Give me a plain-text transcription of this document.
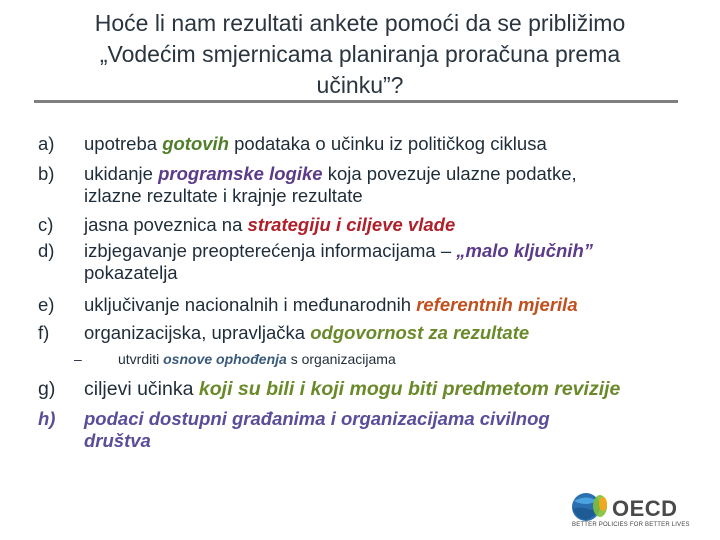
Hoće li nam rezultati ankete pomoći da se približimo
„Vodećim smjernicama planiranja proračuna prema
učinku”?
a)	upotreba gotovih podataka o učinku iz političkog ciklusa
b)	ukidanje programske logike koja povezuje ulazne podatke,
izlazne rezultate i krajnje rezultate
c)	jasna poveznica na strategiju i ciljeve vlade
d)	izbjegavanje preopterećenja informacijama – „malo ključnih”
pokazatelja
e)	uključivanje nacionalnih i međunarodnih referentnih mjerila
f)	organizacijska, upravljačka odgovornost za rezultate
–	utvrditi osnove ophođenja s organizacijama
g)	ciljevi učinka koji su bili i koji mogu biti predmetom revizije
h)	podaci dostupni građanima i organizacijama civilnog
društva
OECD
BETTER POLICIES FOR BETTER LIVES
